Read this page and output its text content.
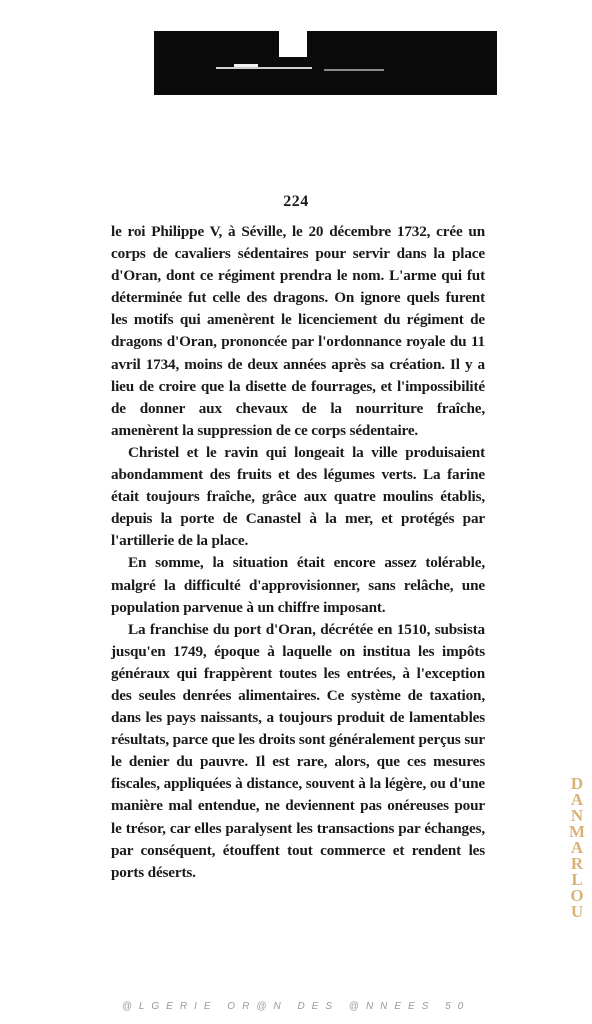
224

le roi Philippe V, à Séville, le 20 décembre 1732, crée un corps de cavaliers sédentaires pour servir dans la place d'Oran, dont ce régiment prendra le nom. L'arme qui fut déterminée fut celle des dragons. On ignore quels furent les motifs qui amenèrent le licenciement du régiment de dragons d'Oran, prononcée par l'ordonnance royale du 11 avril 1734, moins de deux années après sa création. Il y a lieu de croire que la disette de fourrages, et l'impossibilité de donner aux chevaux de la nourriture fraîche, amenèrent la suppression de ce corps sédentaire.

Christel et le ravin qui longeait la ville produisaient abondamment des fruits et des légumes verts. La farine était toujours fraîche, grâce aux quatre moulins établis, depuis la porte de Canastel à la mer, et protégés par l'artillerie de la place.

En somme, la situation était encore assez tolérable, malgré la difficulté d'approvisionner, sans relâche, une population parvenue à un chiffre imposant.

La franchise du port d'Oran, décrétée en 1510, subsista jusqu'en 1749, époque à laquelle on institua les impôts généraux qui frappèrent toutes les entrées, à l'exception des seules denrées alimentaires. Ce système de taxation, dans les pays naissants, a toujours produit de lamentables résultats, parce que les droits sont généralement perçus sur le denier du pauvre. Il est rare, alors, que ces mesures fiscales, appliquées à distance, souvent à la légère, ou d'une manière mal entendue, ne deviennent pas onéreuses pour le trésor, car elles paralysent les transactions par échanges, par conséquent, étouffent tout commerce et rendent les ports déserts.

DANMARLOU
@LGERIE OR@N DES @NNEES 50
